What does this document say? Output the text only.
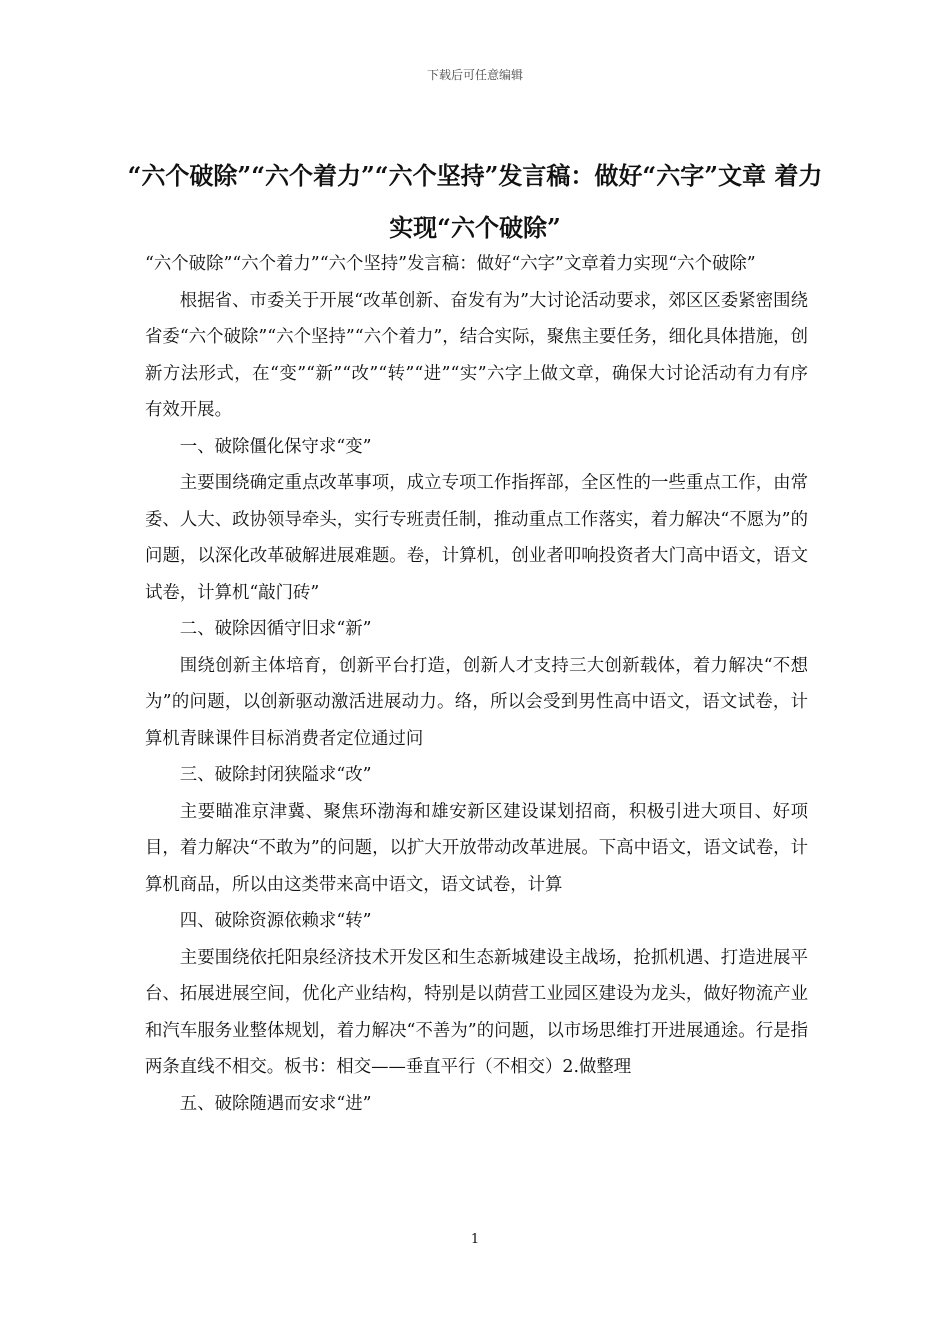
下载后可任意编辑
“六个破除”“六个着力”“六个坚持”发言稿：做好“六字”文章 着力实现“六个破除”

“六个破除”“六个着力”“六个坚持”发言稿：做好“六字”文章着力实现“六个破除”

根据省、市委关于开展“改革创新、奋发有为”大讨论活动要求，郊区区委紧密围绕省委“六个破除”“六个坚持”“六个着力”，结合实际，聚焦主要任务，细化具体措施，创新方法形式，在“变”“新”“改”“转”“进”“实”六字上做文章，确保大讨论活动有力有序有效开展。

一、破除僵化保守求“变”

主要围绕确定重点改革事项，成立专项工作指挥部，全区性的一些重点工作，由常委、人大、政协领导牵头，实行专班责任制，推动重点工作落实，着力解决“不愿为”的问题，以深化改革破解进展难题。卷，计算机，创业者叩响投资者大门高中语文，语文试卷，计算机“敲门砖”

二、破除因循守旧求“新”

围绕创新主体培育，创新平台打造，创新人才支持三大创新载体，着力解决“不想为”的问题，以创新驱动激活进展动力。络，所以会受到男性高中语文，语文试卷，计算机青睐课件目标消费者定位通过问

三、破除封闭狭隘求“改”

主要瞄准京津冀、聚焦环渤海和雄安新区建设谋划招商，积极引进大项目、好项目，着力解决“不敢为”的问题，以扩大开放带动改革进展。下高中语文，语文试卷，计算机商品，所以由这类带来高中语文，语文试卷，计算

四、破除资源依赖求“转”

主要围绕依托阳泉经济技术开发区和生态新城建设主战场，抢抓机遇、打造进展平台、拓展进展空间，优化产业结构，特别是以荫营工业园区建设为龙头，做好物流产业和汽车服务业整体规划，着力解决“不善为”的问题，以市场思维打开进展通途。行是指两条直线不相交。板书：相交——垂直平行（不相交）2.做整理

五、破除随遇而安求“进”

1
